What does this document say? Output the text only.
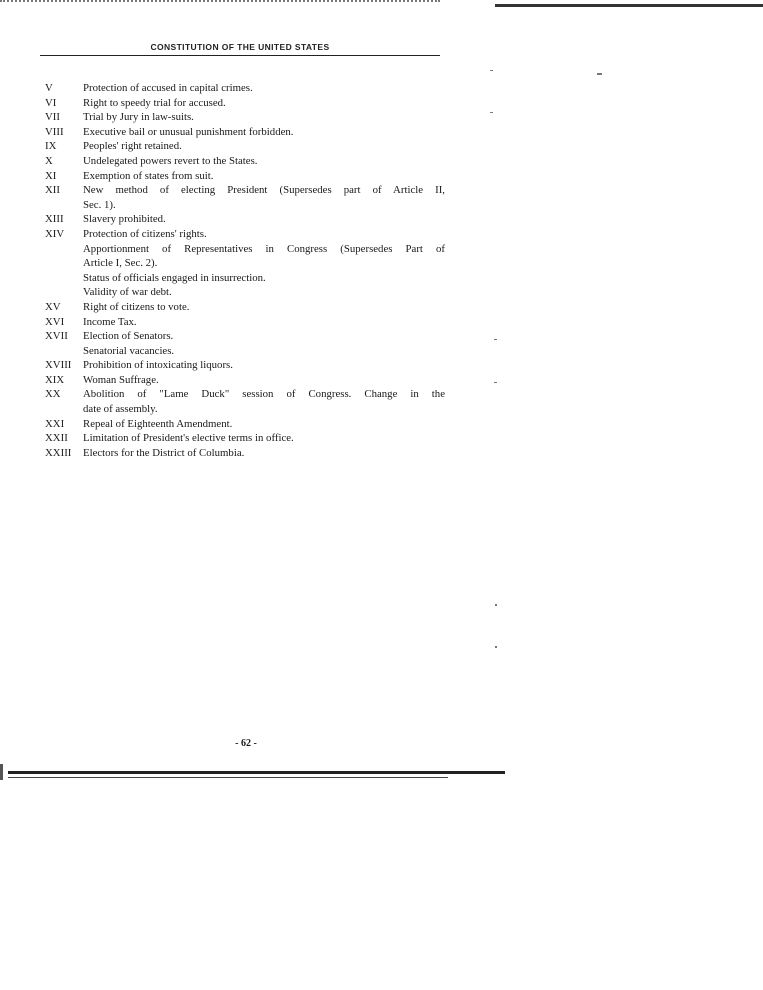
CONSTITUTION OF THE UNITED STATES
V	Protection of accused in capital crimes.
VI	Right to speedy trial for accused.
VII	Trial by Jury in law-suits.
VIII	Executive bail or unusual punishment forbidden.
IX	Peoples' right retained.
X	Undelegated powers revert to the States.
XI	Exemption of states from suit.
XII	New method of electing President (Supersedes part of Article II,
Sec. 1).
XIII	Slavery prohibited.
XIV	Protection of citizens' rights.
Apportionment of Representatives in Congress (Supersedes Part of
Article I, Sec. 2).
Status of officials engaged in insurrection.
Validity of war debt.
XV	Right of citizens to vote.
XVI	Income Tax.
XVII	Election of Senators.
Senatorial vacancies.
XVIII	Prohibition of intoxicating liquors.
XIX	Woman Suffrage.
XX	Abolition of "Lame Duck" session of Congress. Change in the
date of assembly.
XXI	Repeal of Eighteenth Amendment.
XXII	Limitation of President's elective terms in office.
XXIII	Electors for the District of Columbia.
- 62 -
